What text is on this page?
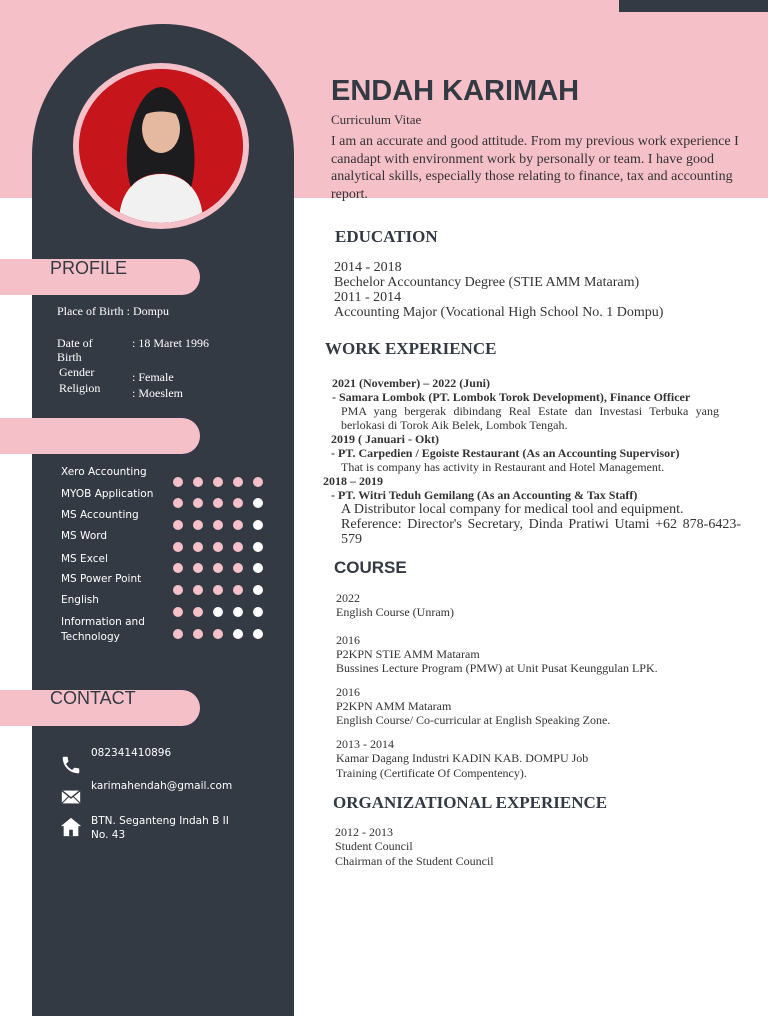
PROFILE
Place of Birth : Dompu
Date of Birth
: 18 Maret 1996
Gender
Religion
: Female
: Moeslem
Xero Accounting
MYOB Application
MS Accounting
MS Word
MS Excel
MS Power Point
English
Information and Technology
CONTACT
082341410896
karimahendah@gmail.com
BTN. Seganteng Indah B II No. 43
ENDAH KARIMAH
Curriculum Vitae
I am an accurate and good attitude. From my previous work experience I canadapt with environment work by personally or team. I have good analytical skills, especially those relating to finance, tax and accounting report.
EDUCATION
2014 - 2018
Bechelor Accountancy Degree (STIE AMM Mataram)
2011 - 2014
Accounting Major (Vocational High School No. 1 Dompu)
WORK EXPERIENCE
2021 (November) – 2022 (Juni)
- Samara Lombok (PT. Lombok Torok Development), Finance Officer
PMA yang bergerak dibindang Real Estate dan Investasi Terbuka yang berlokasi di Torok Aik Belek, Lombok Tengah.
2019 ( Januari - Okt)
- PT. Carpedien / Egoiste Restaurant (As an Accounting Supervisor)
That is company has activity in Restaurant and Hotel Management.
2018 – 2019
- PT. Witri Teduh Gemilang (As an Accounting & Tax Staff)
A Distributor local company for medical tool and equipment.
Reference: Director's Secretary, Dinda Pratiwi Utami +62 878-6423-579
COURSE
2022
English Course (Unram)
2016
P2KPN STIE AMM Mataram
Bussines Lecture Program (PMW) at Unit Pusat Keunggulan LPK.
2016
P2KPN AMM Mataram
English Course/ Co-curricular at English Speaking Zone.
2013 - 2014
Kamar Dagang Industri KADIN KAB. DOMPU Job
Training (Certificate Of Compentency).
ORGANIZATIONAL EXPERIENCE
2012 - 2013
Student Council
Chairman of the Student Council
